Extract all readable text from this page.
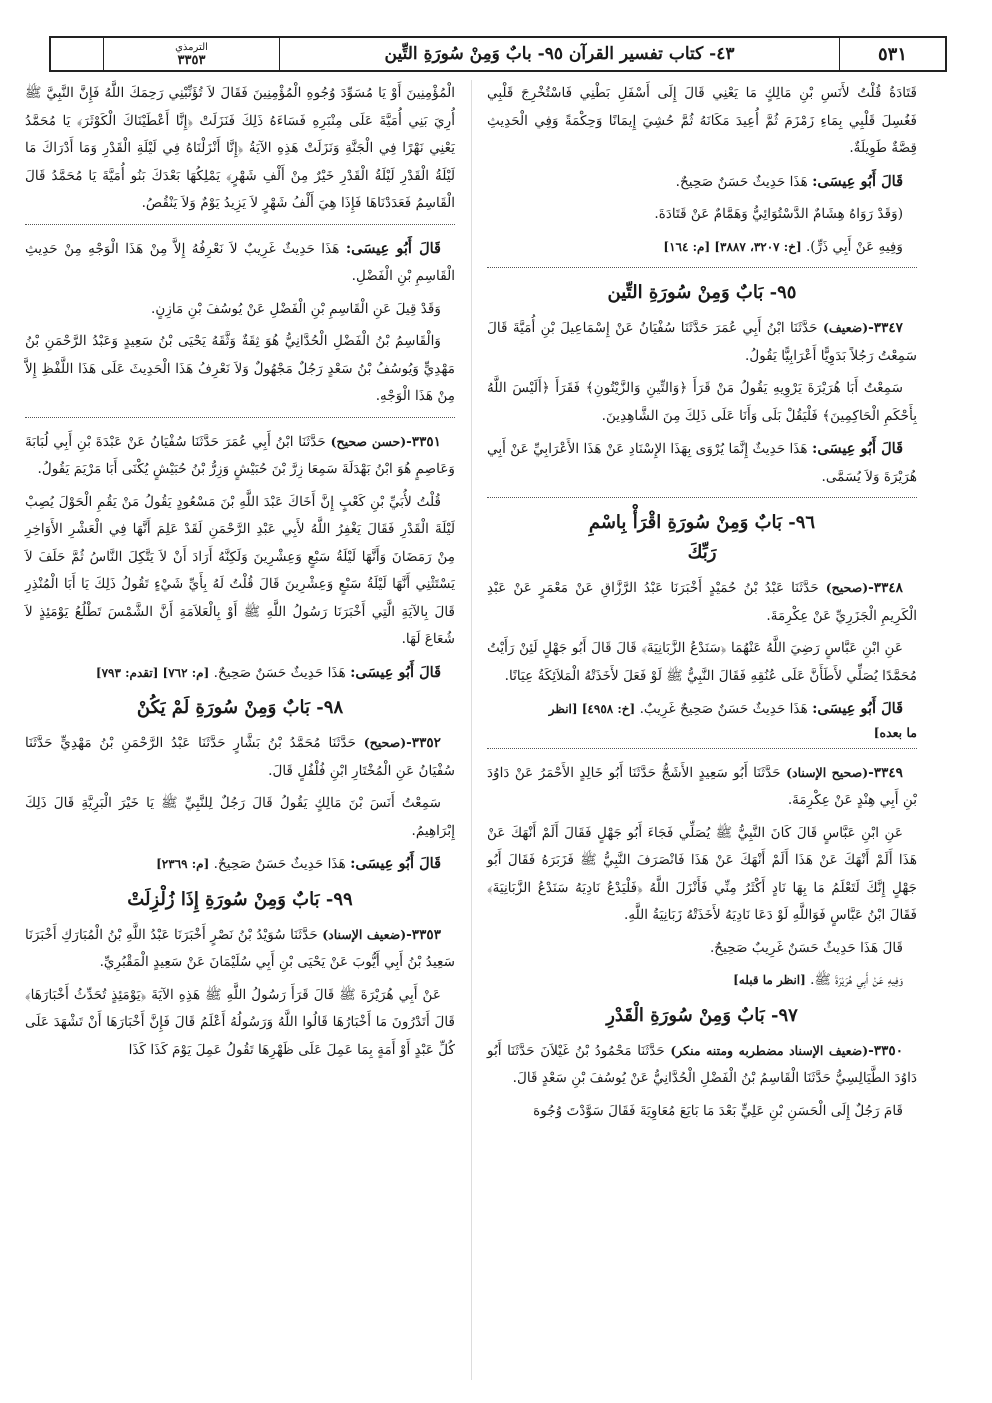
٥٣١
٤٣- كتاب تفسير القرآن ٩٥- بابٌ وَمِنْ سُورَةِ التِّين
الترمذي
٣٣٥٣

قَتَادَةُ قُلْتُ لأَنَسِ بْنِ مَالِكٍ مَا يَعْنِي قَالَ إِلَى أَسْفَلِ بَطْنِي فَاسْتُخْرِجَ قَلْبِي فَغُسِلَ قَلْبِي بِمَاءِ زَمْزَمَ ثُمَّ أُعِيدَ مَكَانَهُ ثُمَّ حُشِيَ إِيمَانًا وَحِكْمَةً وَفِي الْحَدِيثِ قِصَّةٌ طَوِيلَةٌ.

قَالَ أَبُو عِيسَى: هَذَا حَدِيثٌ حَسَنٌ صَحِيحٌ.

(وَقَدْ رَوَاهُ هِشَامٌ الدَّسْتُوَائِيُّ وَهَمَّامٌ عَنْ قَتَادَةَ.

وَفِيهِ عَنْ أَبِي ذَرٍّ). [خ: ٣٢٠٧، ٣٨٨٧] [م: ١٦٤]

٩٥- بَابٌ وَمِنْ سُورَةِ التِّين

٣٣٤٧-(ضعيف) حَدَّثَنَا ابْنُ أَبِي عُمَرَ حَدَّثَنَا سُفْيَانُ عَنْ إِسْمَاعِيلَ بْنِ أُمَيَّةَ قَالَ سَمِعْتُ رَجُلاً بَدَوِيًّا أَعْرَابِيًّا يَقُولُ.

سَمِعْتُ أَبَا هُرَيْرَةَ يَرْوِيهِ يَقُولُ مَنْ قَرَأَ ﴿وَالتِّينِ وَالزَّيْتُونِ﴾ فَقَرَأَ ﴿أَلَيْسَ اللَّهُ بِأَحْكَمِ الْحَاكِمِينَ﴾ فَلْيَقُلْ بَلَى وَأَنَا عَلَى ذَلِكَ مِنَ الشَّاهِدِينَ.

قَالَ أَبُو عِيسَى: هَذَا حَدِيثٌ إِنَّمَا يُرْوَى بِهَذَا الإِسْنَادِ عَنْ هَذَا الأَعْرَابِيِّ عَنْ أَبِي هُرَيْرَةَ وَلاَ يُسَمَّى.

٩٦- بَابٌ وَمِنْ سُورَةِ اقْرَأْ بِاسْمِ
رَبِّكَ

٣٣٤٨-(صحيح) حَدَّثَنَا عَبْدُ بْنُ حُمَيْدٍ أَخْبَرَنَا عَبْدُ الرَّزَّاقِ عَنْ مَعْمَرٍ عَنْ عَبْدِ الْكَرِيمِ الْجَزَرِيِّ عَنْ عِكْرِمَةَ.

عَنِ ابْنِ عَبَّاسٍ رَضِيَ اللَّهُ عَنْهُمَا ﴿سَنَدْعُ الزَّبَانِيَةَ﴾ قَالَ قَالَ أَبُو جَهْلٍ لَئِنْ رَأَيْتُ مُحَمَّدًا يُصَلِّي لأَطَأَنَّ عَلَى عُنُقِهِ فَقَالَ النَّبِيُّ ﷺ لَوْ فَعَلَ لأَخَذَتْهُ الْمَلاَئِكَةُ عِيَانًا.

قَالَ أَبُو عِيسَى: هَذَا حَدِيثٌ حَسَنٌ صَحِيحٌ غَرِيبٌ. [خ: ٤٩٥٨] [انظر

ما بعده]

٣٣٤٩-(صحيح الإسناد) حَدَّثَنَا أَبُو سَعِيدٍ الأَشَجُّ حَدَّثَنَا أَبُو خَالِدٍ الأَحْمَرُ عَنْ دَاوُدَ بْنِ أَبِي هِنْدٍ عَنْ عِكْرِمَةَ.

عَنِ ابْنِ عَبَّاسٍ قَالَ كَانَ النَّبِيُّ ﷺ يُصَلِّي فَجَاءَ أَبُو جَهْلٍ فَقَالَ أَلَمْ أَنْهَكَ عَنْ هَذَا أَلَمْ أَنْهَكَ عَنْ هَذَا أَلَمْ أَنْهَكَ عَنْ هَذَا فَانْصَرَفَ النَّبِيُّ ﷺ فَزَبَرَهُ فَقَالَ أَبُو جَهْلٍ إِنَّكَ لَتَعْلَمُ مَا بِهَا نَادٍ أَكْثَرُ مِنِّي فَأَنْزَلَ اللَّهُ ﴿فَلْيَدْعُ نَادِيَهُ سَنَدْعُ الزَّبَانِيَةَ﴾ فَقَالَ ابْنُ عَبَّاسٍ فَوَاللَّهِ لَوْ دَعَا نَادِيَهُ لأَخَذَتْهُ زَبَانِيَةُ اللَّهِ.

قَالَ هَذَا حَدِيثٌ حَسَنٌ غَرِيبٌ صَحِيحٌ.

وَفِيهِ عَنْ أَبِي هُرَيْرَةَ ﷺ. [انظر ما قبله]

٩٧- بَابٌ وَمِنْ سُورَةِ الْقَدْرِ

٣٣٥٠-(ضعيف الإسناد مضطربه ومتنه منكر) حَدَّثَنَا مَحْمُودُ بْنُ غَيْلاَنَ حَدَّثَنَا أَبُو دَاوُدَ الطَّيَالِسِيُّ حَدَّثَنَا الْقَاسِمُ بْنُ الْفَضْلِ الْحُدَّانِيُّ عَنْ يُوسُفَ بْنِ سَعْدٍ قَالَ.

قَامَ رَجُلٌ إِلَى الْحَسَنِ بْنِ عَلِيٍّ بَعْدَ مَا بَايَعَ مُعَاوِيَةَ فَقَالَ سَوَّدْتَ وُجُوهَ

الْمُؤْمِنِينَ أَوْ يَا مُسَوِّدَ وُجُوهِ الْمُؤْمِنِينَ فَقَالَ لاَ تُؤَنِّبْنِي رَحِمَكَ اللَّهُ فَإِنَّ النَّبِيَّ ﷺ أُرِيَ بَنِي أُمَيَّةَ عَلَى مِنْبَرِهِ فَسَاءَهُ ذَلِكَ فَنَزَلَتْ ﴿إِنَّا أَعْطَيْنَاكَ الْكَوْثَرَ﴾ يَا مُحَمَّدُ يَعْنِي نَهْرًا فِي الْجَنَّةِ وَنَزَلَتْ هَذِهِ الآيَةُ ﴿إِنَّا أَنْزَلْنَاهُ فِي لَيْلَةِ الْقَدْرِ وَمَا أَدْرَاكَ مَا لَيْلَةُ الْقَدْرِ لَيْلَةُ الْقَدْرِ خَيْرٌ مِنْ أَلْفِ شَهْرٍ﴾ يَمْلِكُهَا بَعْدَكَ بَنُو أُمَيَّةَ يَا مُحَمَّدُ قَالَ الْقَاسِمُ فَعَدَدْنَاهَا فَإِذَا هِيَ أَلْفُ شَهْرٍ لاَ يَزِيدُ يَوْمٌ وَلاَ يَنْقُصُ.

قَالَ أَبُو عِيسَى: هَذَا حَدِيثٌ غَرِيبٌ لاَ نَعْرِفُهُ إِلاَّ مِنْ هَذَا الْوَجْهِ مِنْ حَدِيثِ الْقَاسِمِ بْنِ الْفَضْلِ.

وَقَدْ قِيلَ عَنِ الْقَاسِمِ بْنِ الْفَضْلِ عَنْ يُوسُفَ بْنِ مَازِنٍ.

وَالْقَاسِمُ بْنُ الْفَضْلِ الْحُدَّانِيُّ هُوَ ثِقَةٌ وَثَّقَهُ يَحْيَى بْنُ سَعِيدٍ وَعَبْدُ الرَّحْمَنِ بْنُ مَهْدِيٍّ وَيُوسُفُ بْنُ سَعْدٍ رَجُلٌ مَجْهُولٌ وَلاَ نَعْرِفُ هَذَا الْحَدِيثَ عَلَى هَذَا اللَّفْظِ إِلاَّ مِنْ هَذَا الْوَجْهِ.

٣٣٥١-(حسن صحيح) حَدَّثَنَا ابْنُ أَبِي عُمَرَ حَدَّثَنَا سُفْيَانُ عَنْ عَبْدَةَ بْنِ أَبِي لُبَابَةَ وَعَاصِمٍ هُوَ ابْنُ بَهْدَلَةَ سَمِعَا زِرَّ بْنَ حُبَيْشٍ وَزِرُّ بْنُ حُبَيْشٍ يُكْنَى أَبَا مَرْيَمَ يَقُولُ.

قُلْتُ لأُبَيِّ بْنِ كَعْبٍ إِنَّ أَخَاكَ عَبْدَ اللَّهِ بْنَ مَسْعُودٍ يَقُولُ مَنْ يَقُمِ الْحَوْلَ يُصِبْ لَيْلَةَ الْقَدْرِ فَقَالَ يَغْفِرُ اللَّهُ لأَبِي عَبْدِ الرَّحْمَنِ لَقَدْ عَلِمَ أَنَّهَا فِي الْعَشْرِ الأَوَاخِرِ مِنْ رَمَضَانَ وَأَنَّهَا لَيْلَةُ سَبْعٍ وَعِشْرِينَ وَلَكِنَّهُ أَرَادَ أَنْ لاَ يَتَّكِلَ النَّاسُ ثُمَّ حَلَفَ لاَ يَسْتَثْنِي أَنَّهَا لَيْلَةُ سَبْعٍ وَعِشْرِينَ قَالَ قُلْتُ لَهُ بِأَيِّ شَيْءٍ تَقُولُ ذَلِكَ يَا أَبَا الْمُنْذِرِ قَالَ بِالآيَةِ الَّتِي أَخْبَرَنَا رَسُولُ اللَّهِ ﷺ أَوْ بِالْعَلاَمَةِ أَنَّ الشَّمْسَ تَطْلُعُ يَوْمَئِذٍ لاَ شُعَاعَ لَهَا.

قَالَ أَبُو عِيسَى: هَذَا حَدِيثٌ حَسَنٌ صَحِيحٌ. [م: ٧٦٢] [تقدم: ٧٩٣]

٩٨- بَابٌ وَمِنْ سُورَةِ لَمْ يَكُنْ

٣٣٥٢-(صحيح) حَدَّثَنَا مُحَمَّدُ بْنُ بَشَّارٍ حَدَّثَنَا عَبْدُ الرَّحْمَنِ بْنُ مَهْدِيٍّ حَدَّثَنَا سُفْيَانُ عَنِ الْمُخْتَارِ ابْنِ فُلْفُلٍ قَالَ.

سَمِعْتُ أَنَسَ بْنَ مَالِكٍ يَقُولُ قَالَ رَجُلٌ لِلنَّبِيِّ ﷺ يَا خَيْرَ الْبَرِيَّةِ قَالَ ذَلِكَ إِبْرَاهِيمُ.

قَالَ أَبُو عِيسَى: هَذَا حَدِيثٌ حَسَنٌ صَحِيحٌ. [م: ٢٣٦٩]

٩٩- بَابٌ وَمِنْ سُورَةِ إِذَا زُلْزِلَتْ

٣٣٥٣-(ضعيف الإسناد) حَدَّثَنَا سُوَيْدُ بْنُ نَصْرٍ أَخْبَرَنَا عَبْدُ اللَّهِ بْنُ الْمُبَارَكِ أَخْبَرَنَا سَعِيدُ بْنُ أَبِي أَيُّوبَ عَنْ يَحْيَى بْنِ أَبِي سُلَيْمَانَ عَنْ سَعِيدٍ الْمَقْبُرِيِّ.

عَنْ أَبِي هُرَيْرَةَ ﷺ قَالَ قَرَأَ رَسُولُ اللَّهِ ﷺ هَذِهِ الآيَةَ ﴿يَوْمَئِذٍ تُحَدِّثُ أَخْبَارَهَا﴾ قَالَ أَتَدْرُونَ مَا أَخْبَارُهَا قَالُوا اللَّهُ وَرَسُولُهُ أَعْلَمُ قَالَ فَإِنَّ أَخْبَارَهَا أَنْ تَشْهَدَ عَلَى كُلِّ عَبْدٍ أَوْ أَمَةٍ بِمَا عَمِلَ عَلَى ظَهْرِهَا تَقُولُ عَمِلَ يَوْمَ كَذَا كَذَا
